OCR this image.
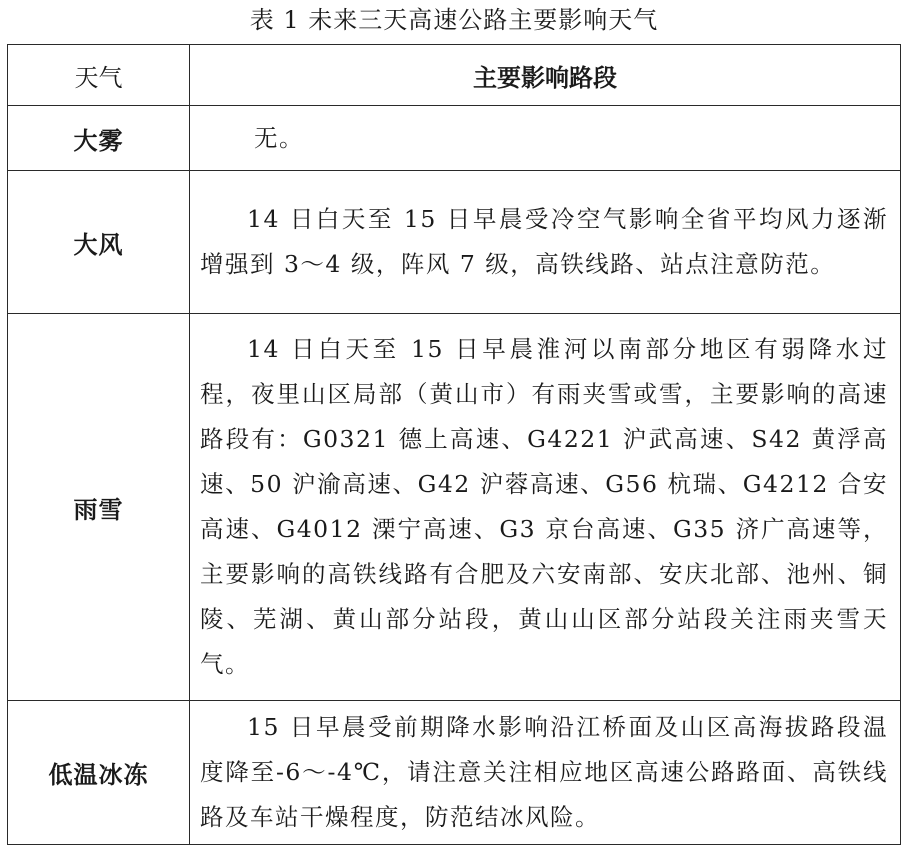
表 1 未来三天高速公路主要影响天气
天气	主要影响路段
大雾	无。

大风	14 日白天至 15 日早晨受冷空气影响全省平均风力逐渐增强到 3～4 级，阵风 7 级，高铁线路、站点注意防范。

雨雪	14 日白天至 15 日早晨淮河以南部分地区有弱降水过程，夜里山区局部（黄山市）有雨夹雪或雪，主要影响的高速路段有：G0321 德上高速、G4221 沪武高速、S42 黄浮高速、50 沪渝高速、G42 沪蓉高速、G56 杭瑞、G4212 合安高速、G4012 溧宁高速、G3 京台高速、G35 济广高速等，主要影响的高铁线路有合肥及六安南部、安庆北部、池州、铜陵、芜湖、黄山部分站段，黄山山区部分站段关注雨夹雪天气。

低温冰冻	15 日早晨受前期降水影响沿江桥面及山区高海拔路段温度降至-6～-4℃，请注意关注相应地区高速公路路面、高铁线路及车站干燥程度，防范结冰风险。
